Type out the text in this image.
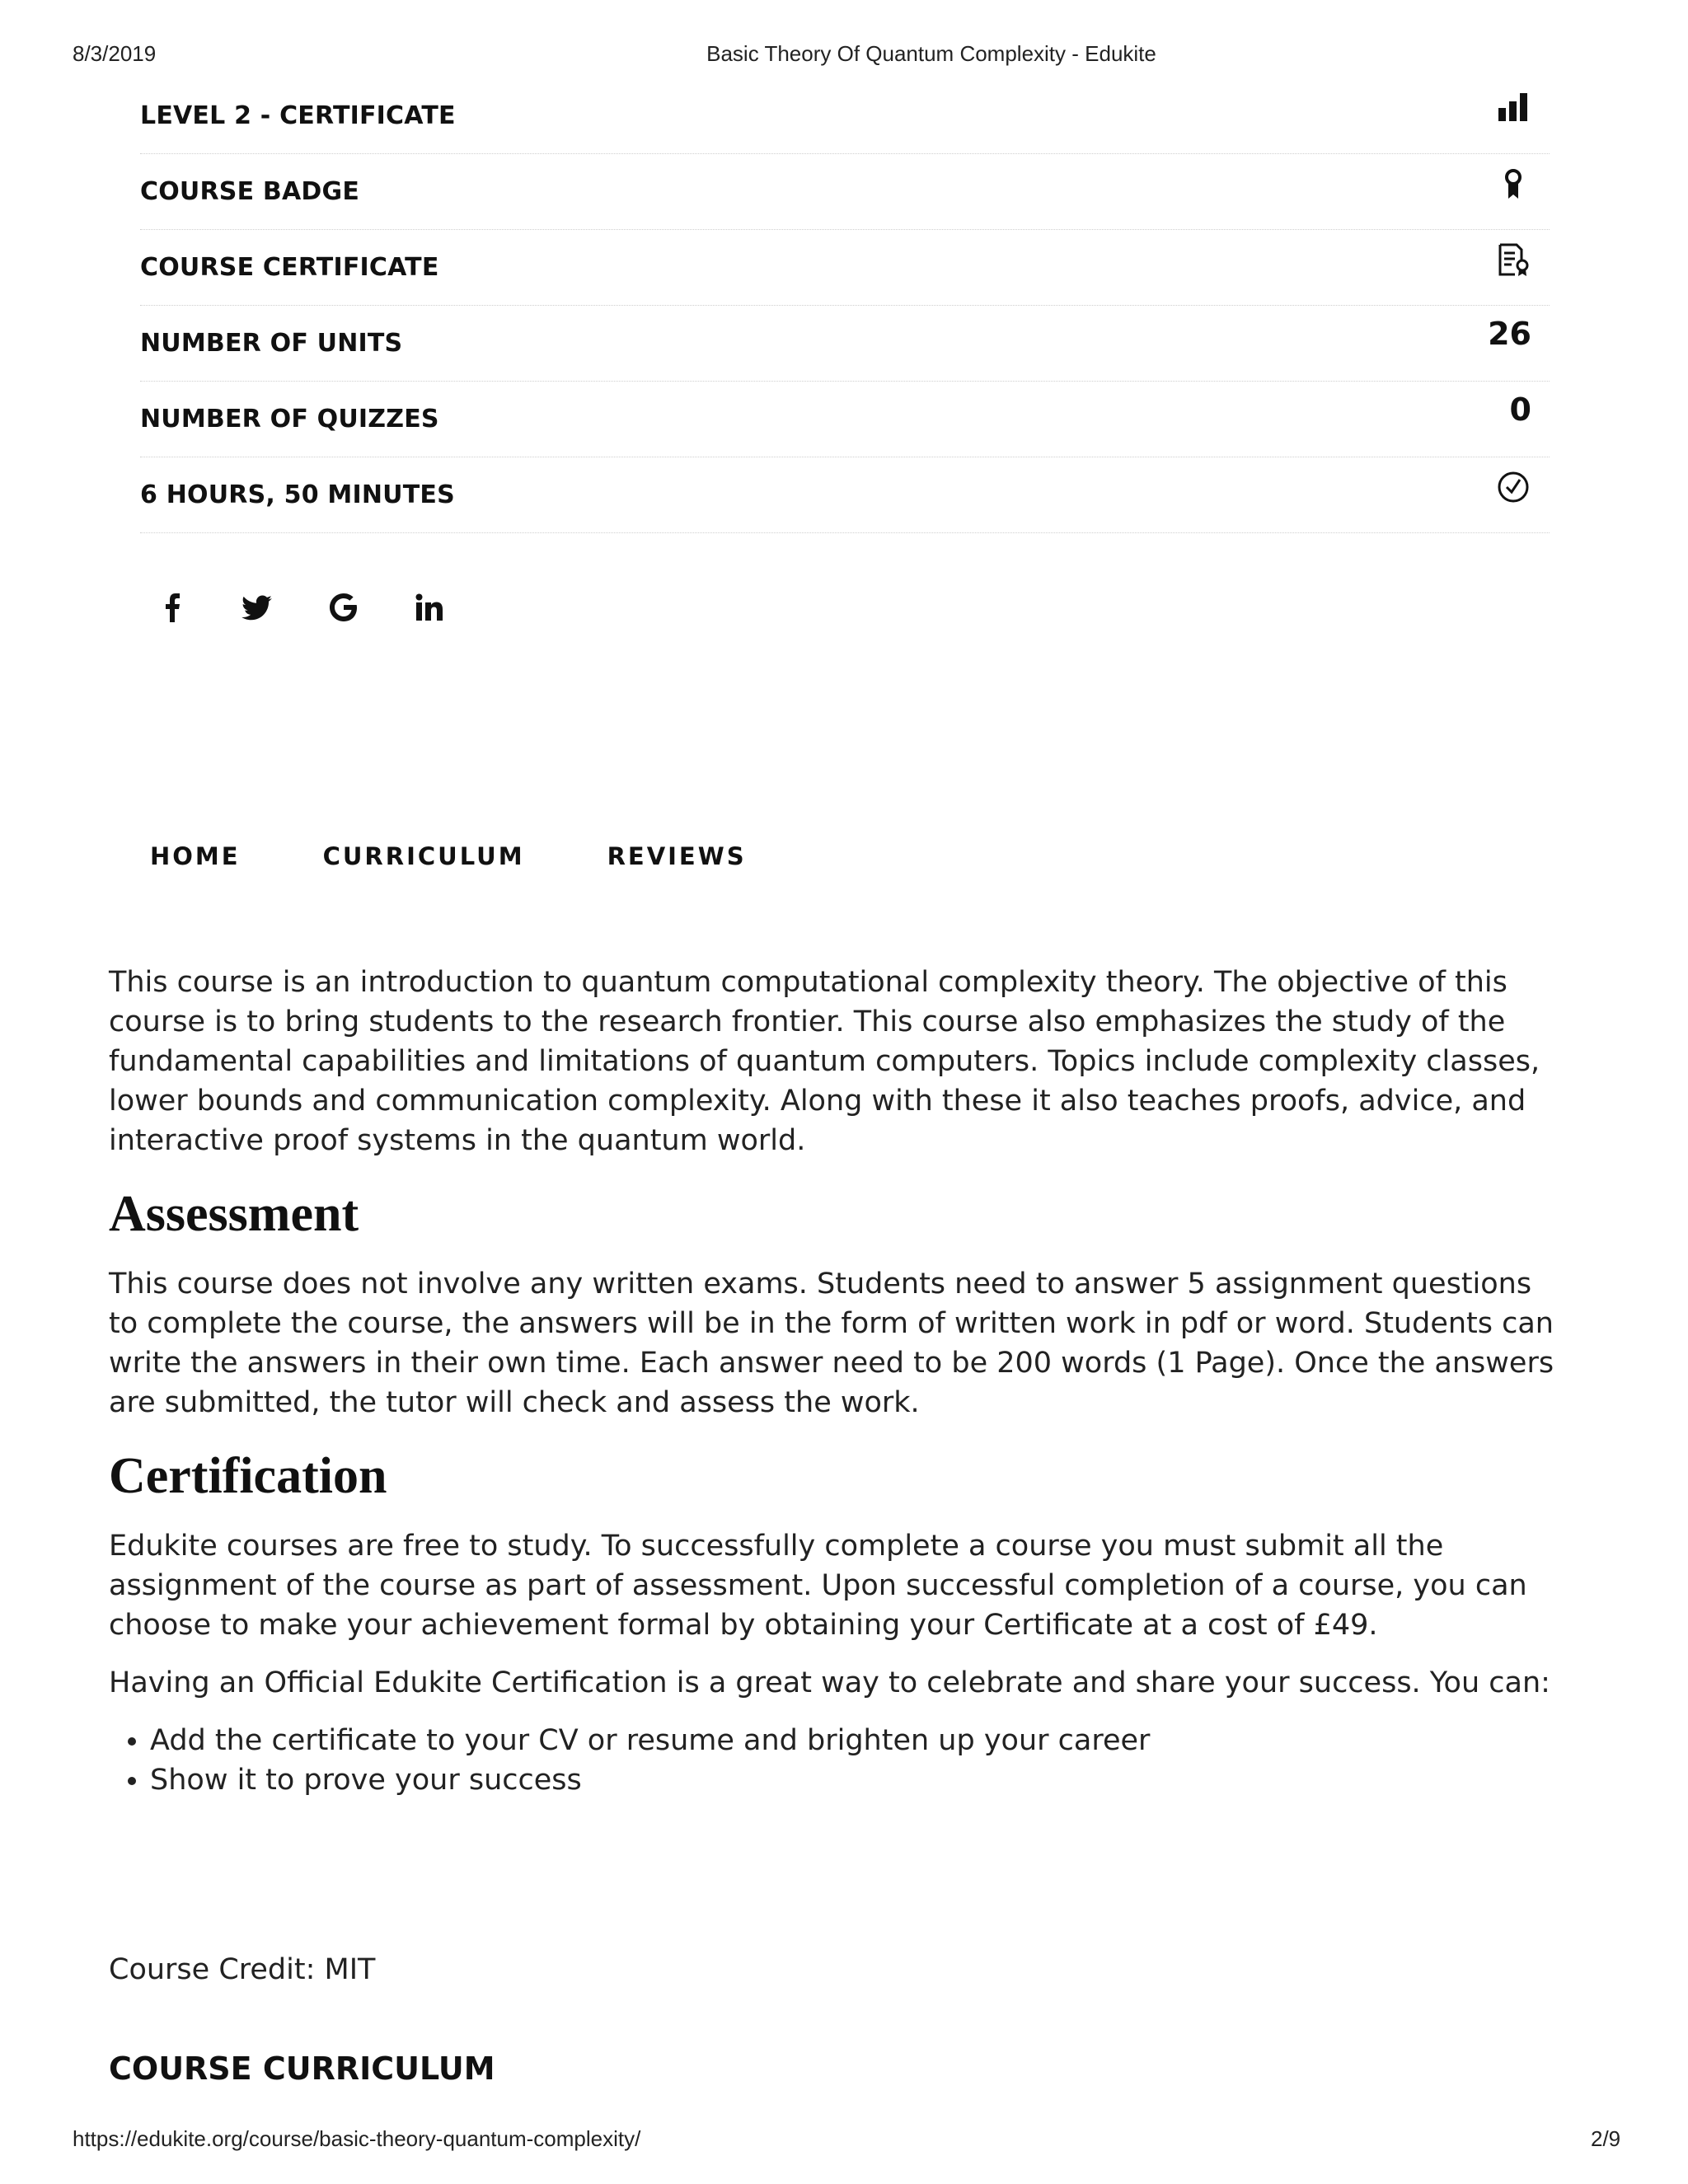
8/3/2019	Basic Theory Of Quantum Complexity - Edukite
LEVEL 2 - CERTIFICATE
COURSE BADGE
COURSE CERTIFICATE
NUMBER OF UNITS	26
NUMBER OF QUIZZES	0
6 HOURS, 50 MINUTES
HOME	CURRICULUM	REVIEWS

This course is an introduction to quantum computational complexity theory. The objective of this course is to bring students to the research frontier. This course also emphasizes the study of the fundamental capabilities and limitations of quantum computers. Topics include complexity classes, lower bounds and communication complexity. Along with these it also teaches proofs, advice, and interactive proof systems in the quantum world.

Assessment

This course does not involve any written exams. Students need to answer 5 assignment questions to complete the course, the answers will be in the form of written work in pdf or word. Students can write the answers in their own time. Each answer need to be 200 words (1 Page). Once the answers are submitted, the tutor will check and assess the work.

Certification

Edukite courses are free to study. To successfully complete a course you must submit all the assignment of the course as part of assessment. Upon successful completion of a course, you can choose to make your achievement formal by obtaining your Certificate at a cost of £49.

Having an Official Edukite Certification is a great way to celebrate and share your success. You can:

• Add the certificate to your CV or resume and brighten up your career
• Show it to prove your success
Course Credit: MIT
COURSE CURRICULUM
https://edukite.org/course/basic-theory-quantum-complexity/	2/9
